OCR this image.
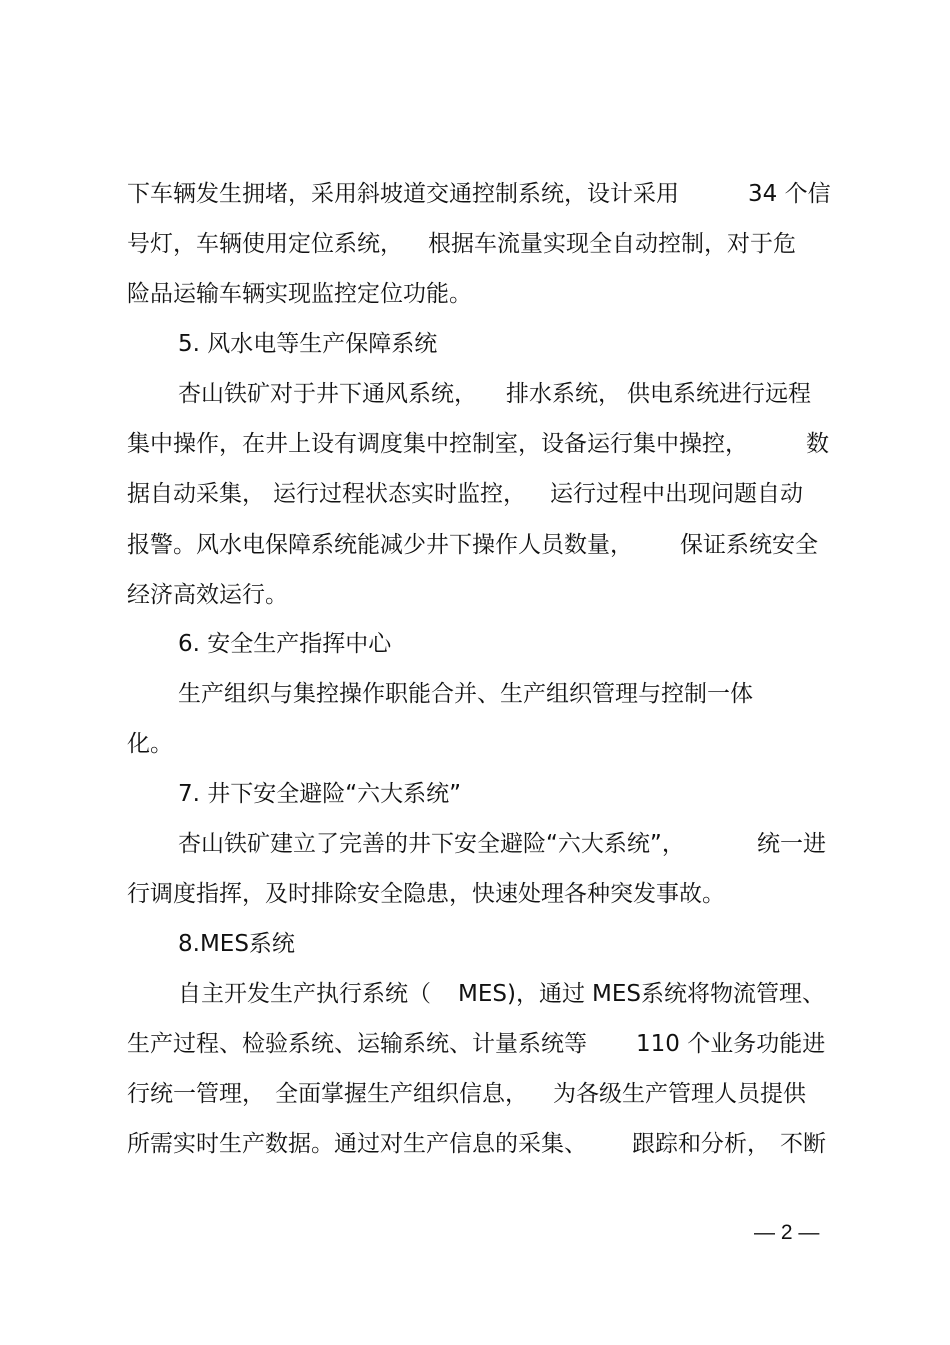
下车辆发生拥堵，采用斜坡道交通控制系统，设计采用

	34 个信

号灯，车辆使用定位系统，

根据车流量实现全自动控制，对于危

险品运输车辆实现监控定位功能。

5. 风水电等生产保障系统

杏山铁矿对于井下通风系统，

排水系统，

供电系统进行远程

集中操作，在井上设有调度集中控制室，设备运行集中操控，

	数

据自动采集，

运行过程状态实时监控，

运行过程中出现问题自动

报警。风水电保障系统能减少井下操作人员数量，

保证系统安全

经济高效运行。

6. 安全生产指挥中心

生产组织与集控操作职能合并、生产组织管理与控制一体

化。

7. 井下安全避险“六大系统”

杏山铁矿建立了完善的井下安全避险“六大系统”，

	统一进

行调度指挥，及时排除安全隐患，快速处理各种突发事故。

8.MES系统

自主开发生产执行系统（

MES)，通过

MES系统将物流管理、

生产过程、检验系统、运输系统、计量系统等

110 个业务功能进

行统一管理，

全面掌握生产组织信息，

为各级生产管理人员提供

所需实时生产数据。通过对生产信息的采集、

跟踪和分析，

不断

— 2 —
